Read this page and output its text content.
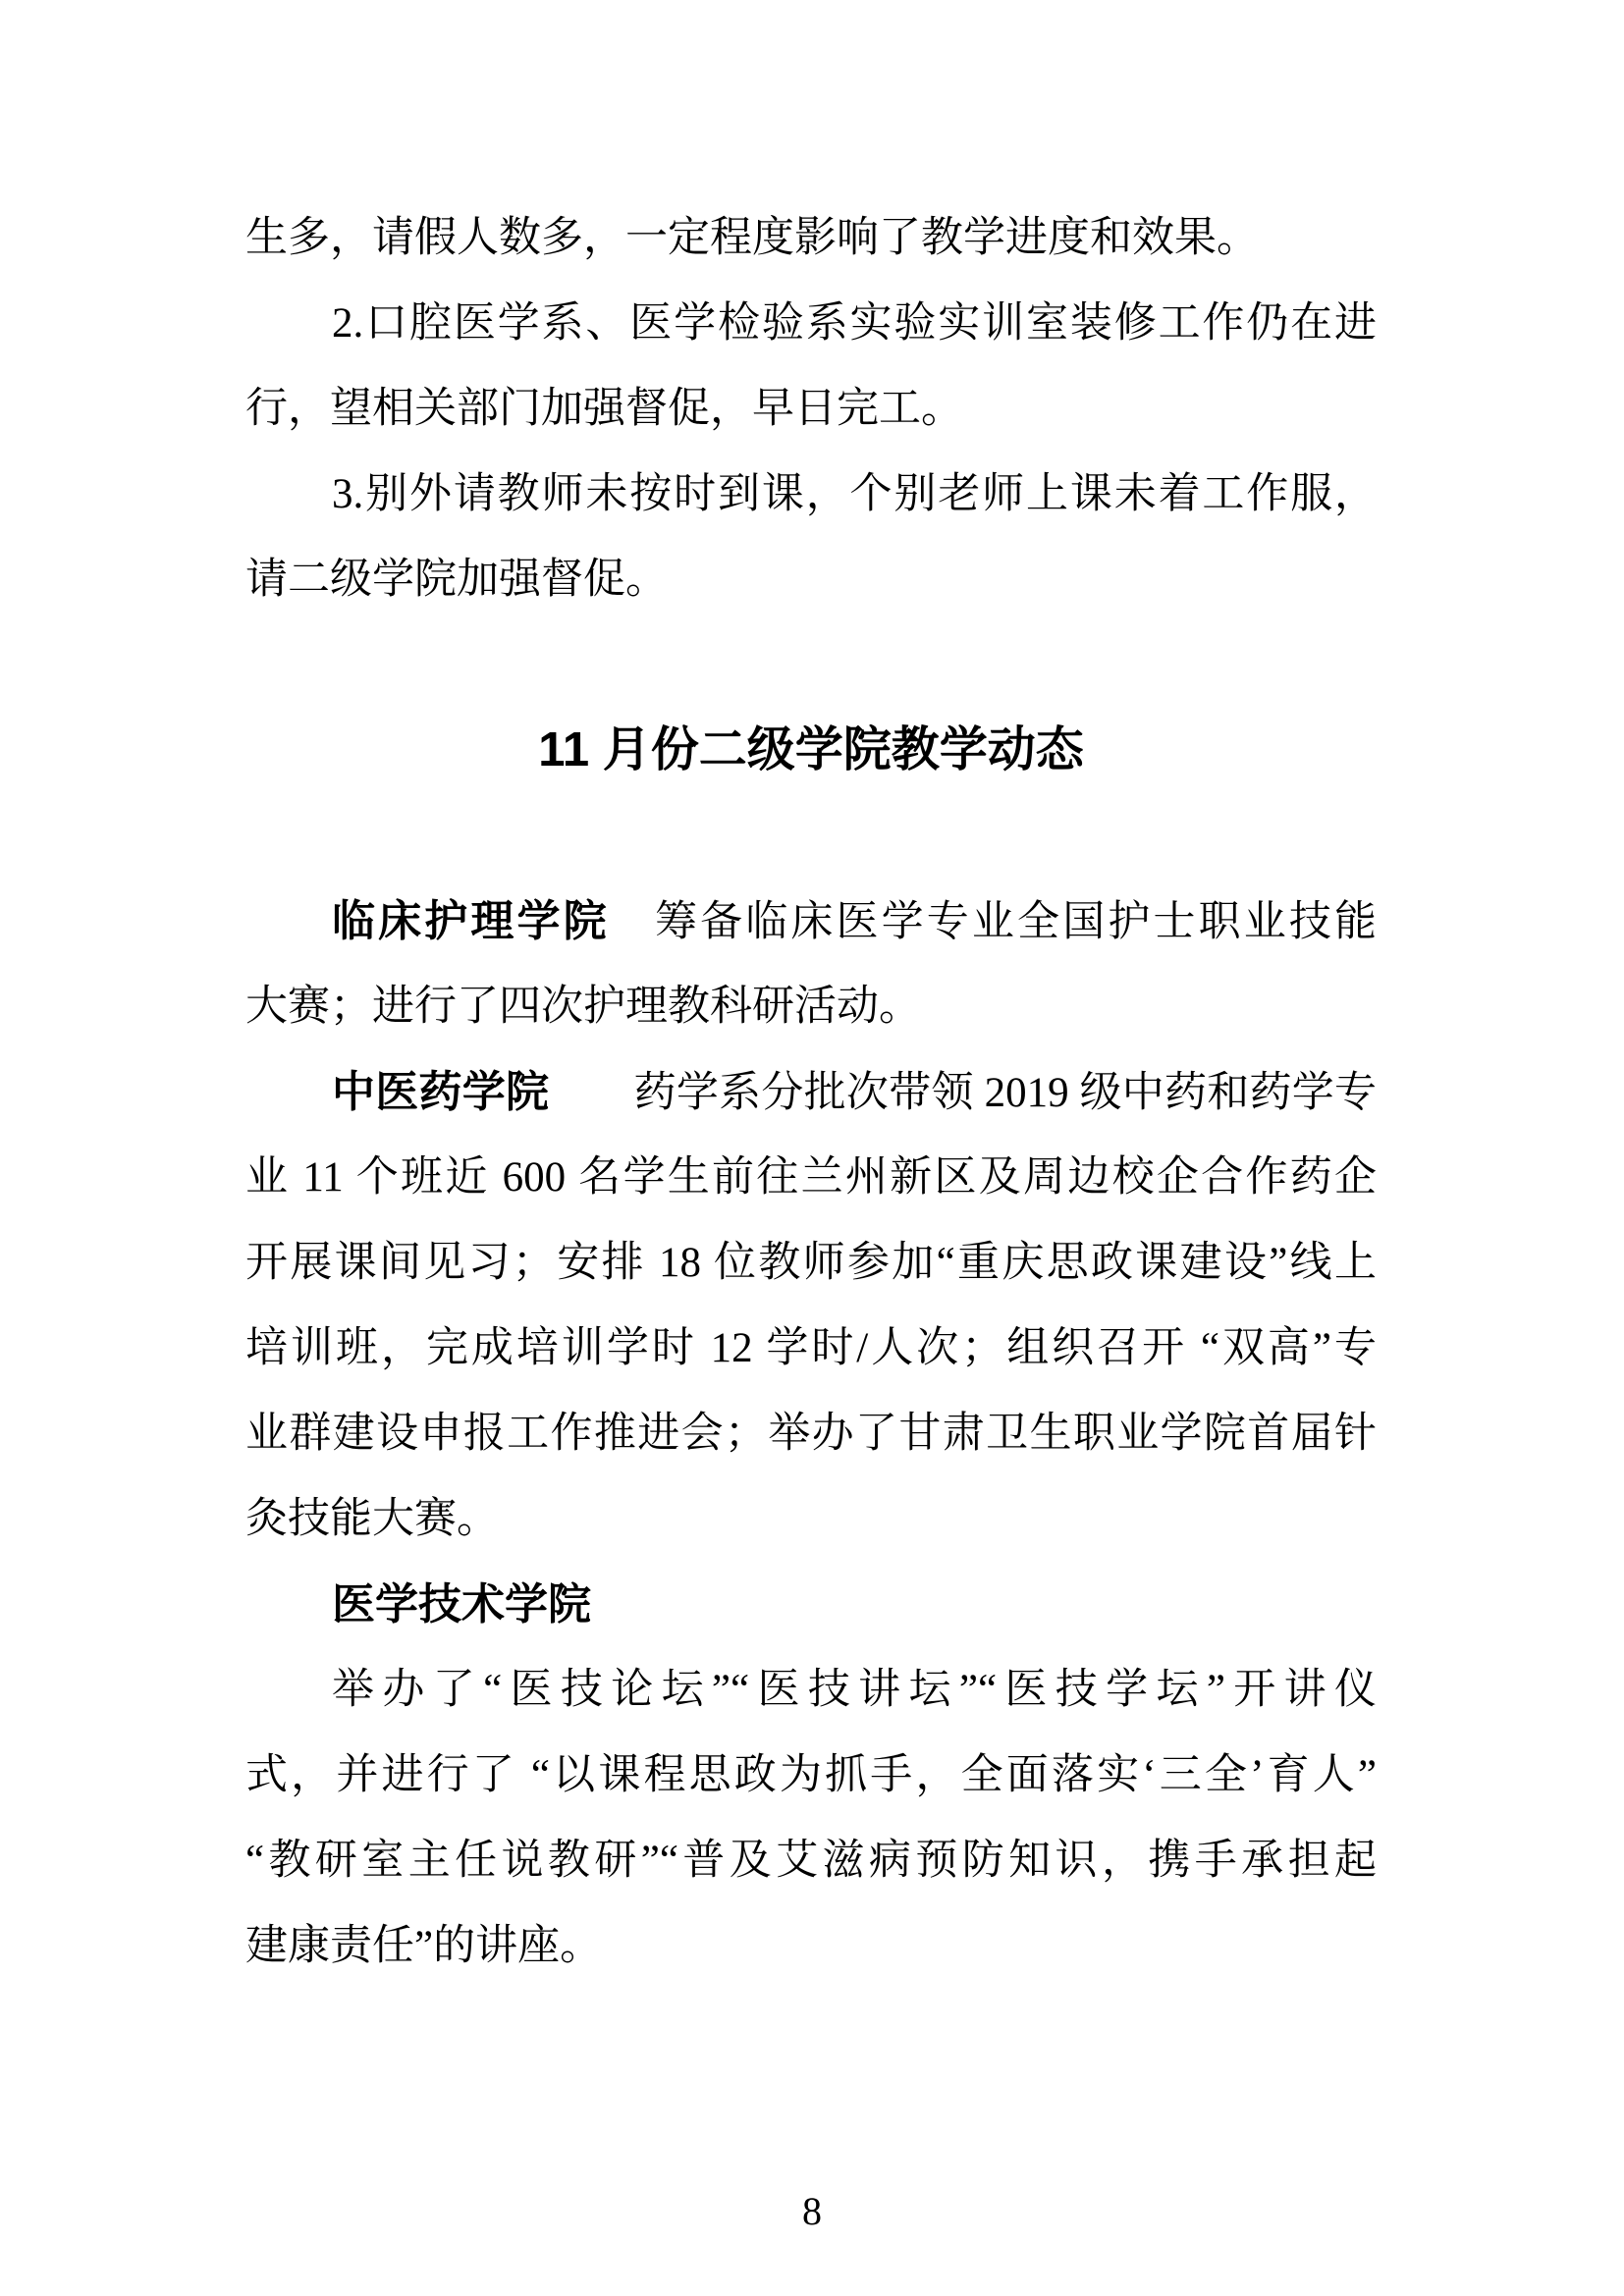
生多，请假人数多，一定程度影响了教学进度和效果。
2.口腔医学系、医学检验系实验实训室装修工作仍在进
行，望相关部门加强督促，早日完工。
3.别外请教师未按时到课，个别老师上课未着工作服，
请二级学院加强督促。
11 月份二级学院教学动态
临床护理学院　筹备临床医学专业全国护士职业技能
大赛；进行了四次护理教科研活动。
中医药学院　　药学系分批次带领 2019 级中药和药学专
业 11 个班近 600 名学生前往兰州新区及周边校企合作药企
开展课间见习；安排 18 位教师参加“重庆思政课建设”线上
培训班，完成培训学时 12 学时/人次；组织召开 “双高”专
业群建设申报工作推进会；举办了甘肃卫生职业学院首届针
灸技能大赛。
医学技术学院
举办了“医技论坛”“医技讲坛”“医技学坛”开讲仪
式，并进行了 “以课程思政为抓手，全面落实‘三全’育人”
“教研室主任说教研”“普及艾滋病预防知识，携手承担起
建康责任”的讲座。
8
